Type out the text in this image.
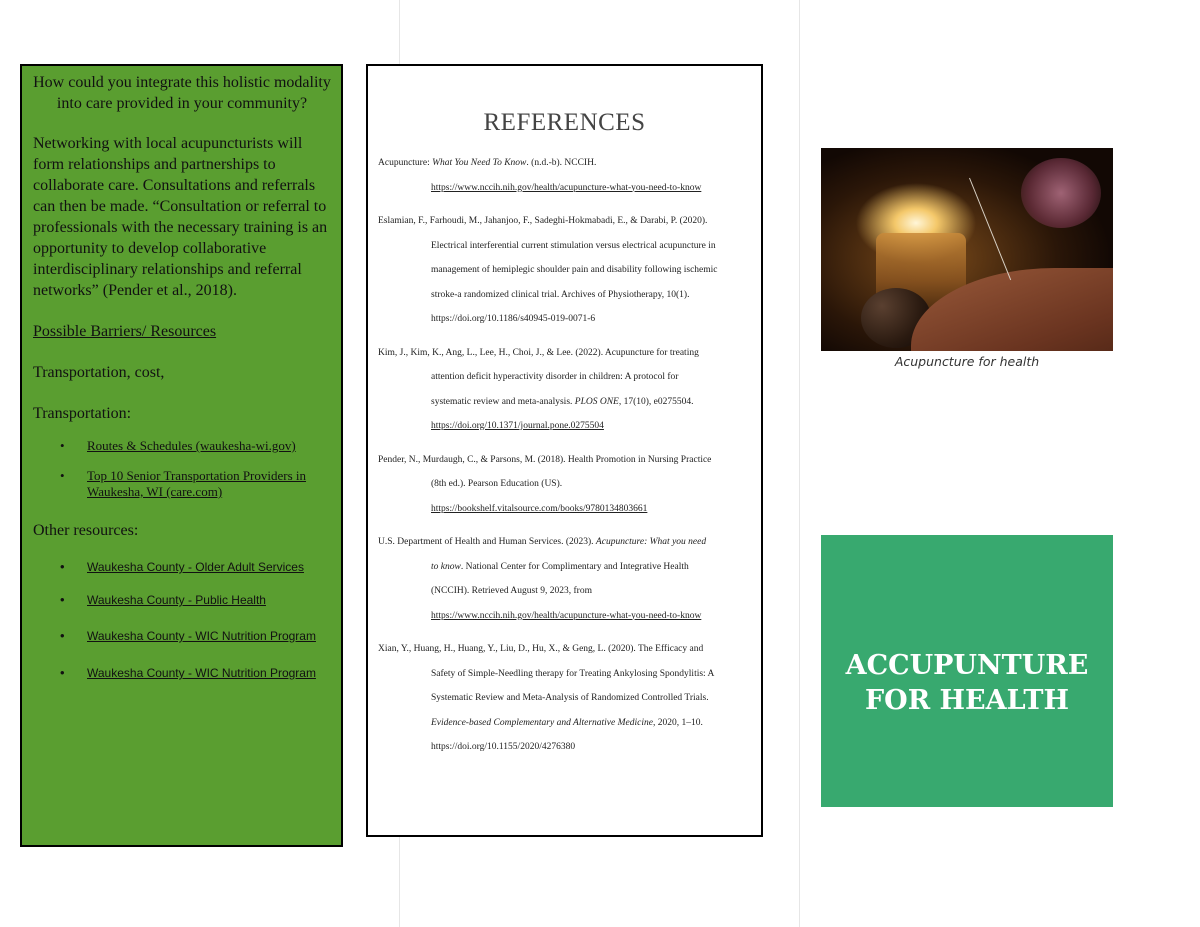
How could you integrate this holistic modality into care provided in your community?

Networking with local acupuncturists will form relationships and partnerships to collaborate care. Consultations and referrals can then be made. “Consultation or referral to professionals with the necessary training is an opportunity to develop collaborative interdisciplinary relationships and referral networks” (Pender et al., 2018).

Possible Barriers/ Resources

Transportation, cost,

Transportation:

• Routes & Schedules (waukesha-wi.gov)
• Top 10 Senior Transportation Providers in Waukesha, WI (care.com)

Other resources:

• Waukesha County - Older Adult Services
• Waukesha County - Public Health
• Waukesha County - WIC Nutrition Program
• Waukesha County - WIC Nutrition Program
REFERENCES
Acupuncture: What You Need To Know. (n.d.-b). NCCIH.
https://www.nccih.nih.gov/health/acupuncture-what-you-need-to-know
Eslamian, F., Farhoudi, M., Jahanjoo, F., Sadeghi-Hokmabadi, E., & Darabi, P. (2020).
Electrical interferential current stimulation versus electrical acupuncture in
management of hemiplegic shoulder pain and disability following ischemic
stroke-a randomized clinical trial. Archives of Physiotherapy, 10(1).
https://doi.org/10.1186/s40945-019-0071-6
Kim, J., Kim, K., Ang, L., Lee, H., Choi, J., & Lee. (2022). Acupuncture for treating
attention deficit hyperactivity disorder in children: A protocol for
systematic review and meta-analysis. PLOS ONE, 17(10), e0275504.
https://doi.org/10.1371/journal.pone.0275504
Pender, N., Murdaugh, C., & Parsons, M. (2018). Health Promotion in Nursing Practice
(8th ed.). Pearson Education (US).
https://bookshelf.vitalsource.com/books/9780134803661
U.S. Department of Health and Human Services. (2023). Acupuncture: What you need
to know. National Center for Complimentary and Integrative Health
(NCCIH). Retrieved August 9, 2023, from
https://www.nccih.nih.gov/health/acupuncture-what-you-need-to-know
Xian, Y., Huang, H., Huang, Y., Liu, D., Hu, X., & Geng, L. (2020). The Efficacy and
Safety of Simple-Needling therapy for Treating Ankylosing Spondylitis: A
Systematic Review and Meta-Analysis of Randomized Controlled Trials.
Evidence-based Complementary and Alternative Medicine, 2020, 1–10.
https://doi.org/10.1155/2020/4276380
Acupuncture for health
ACCUPUNTURE
FOR HEALTH
